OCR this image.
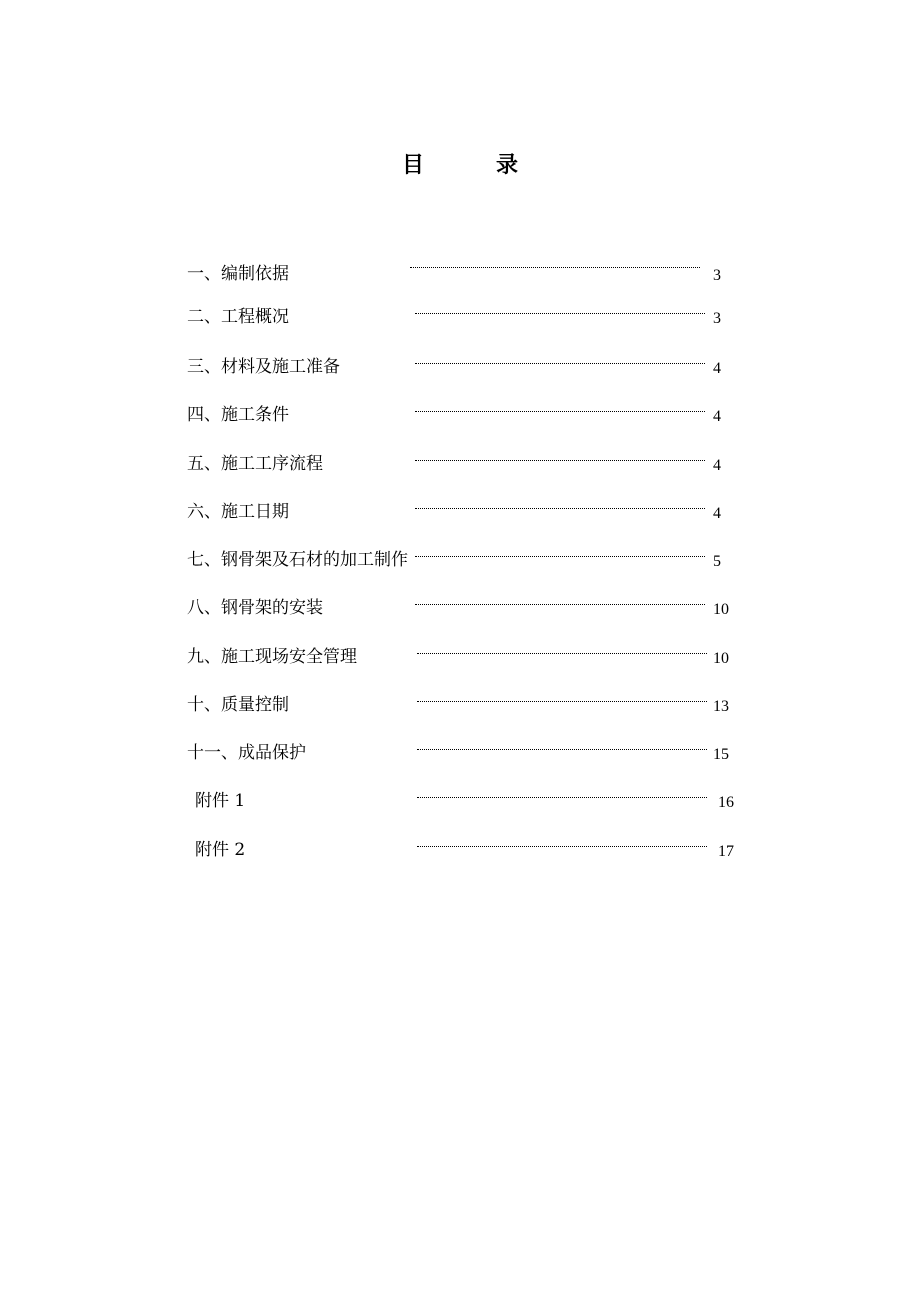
目	录
一、编制依据	3
二、工程概况	3
三、材料及施工准备	4
四、施工条件	4
五、施工工序流程	4
六、施工日期	4
七、钢骨架及石材的加工制作	5
八、钢骨架的安装	10
九、施工现场安全管理	10
十、质量控制	13
十一、成品保护	15
附件 1	16
附件 2	17
